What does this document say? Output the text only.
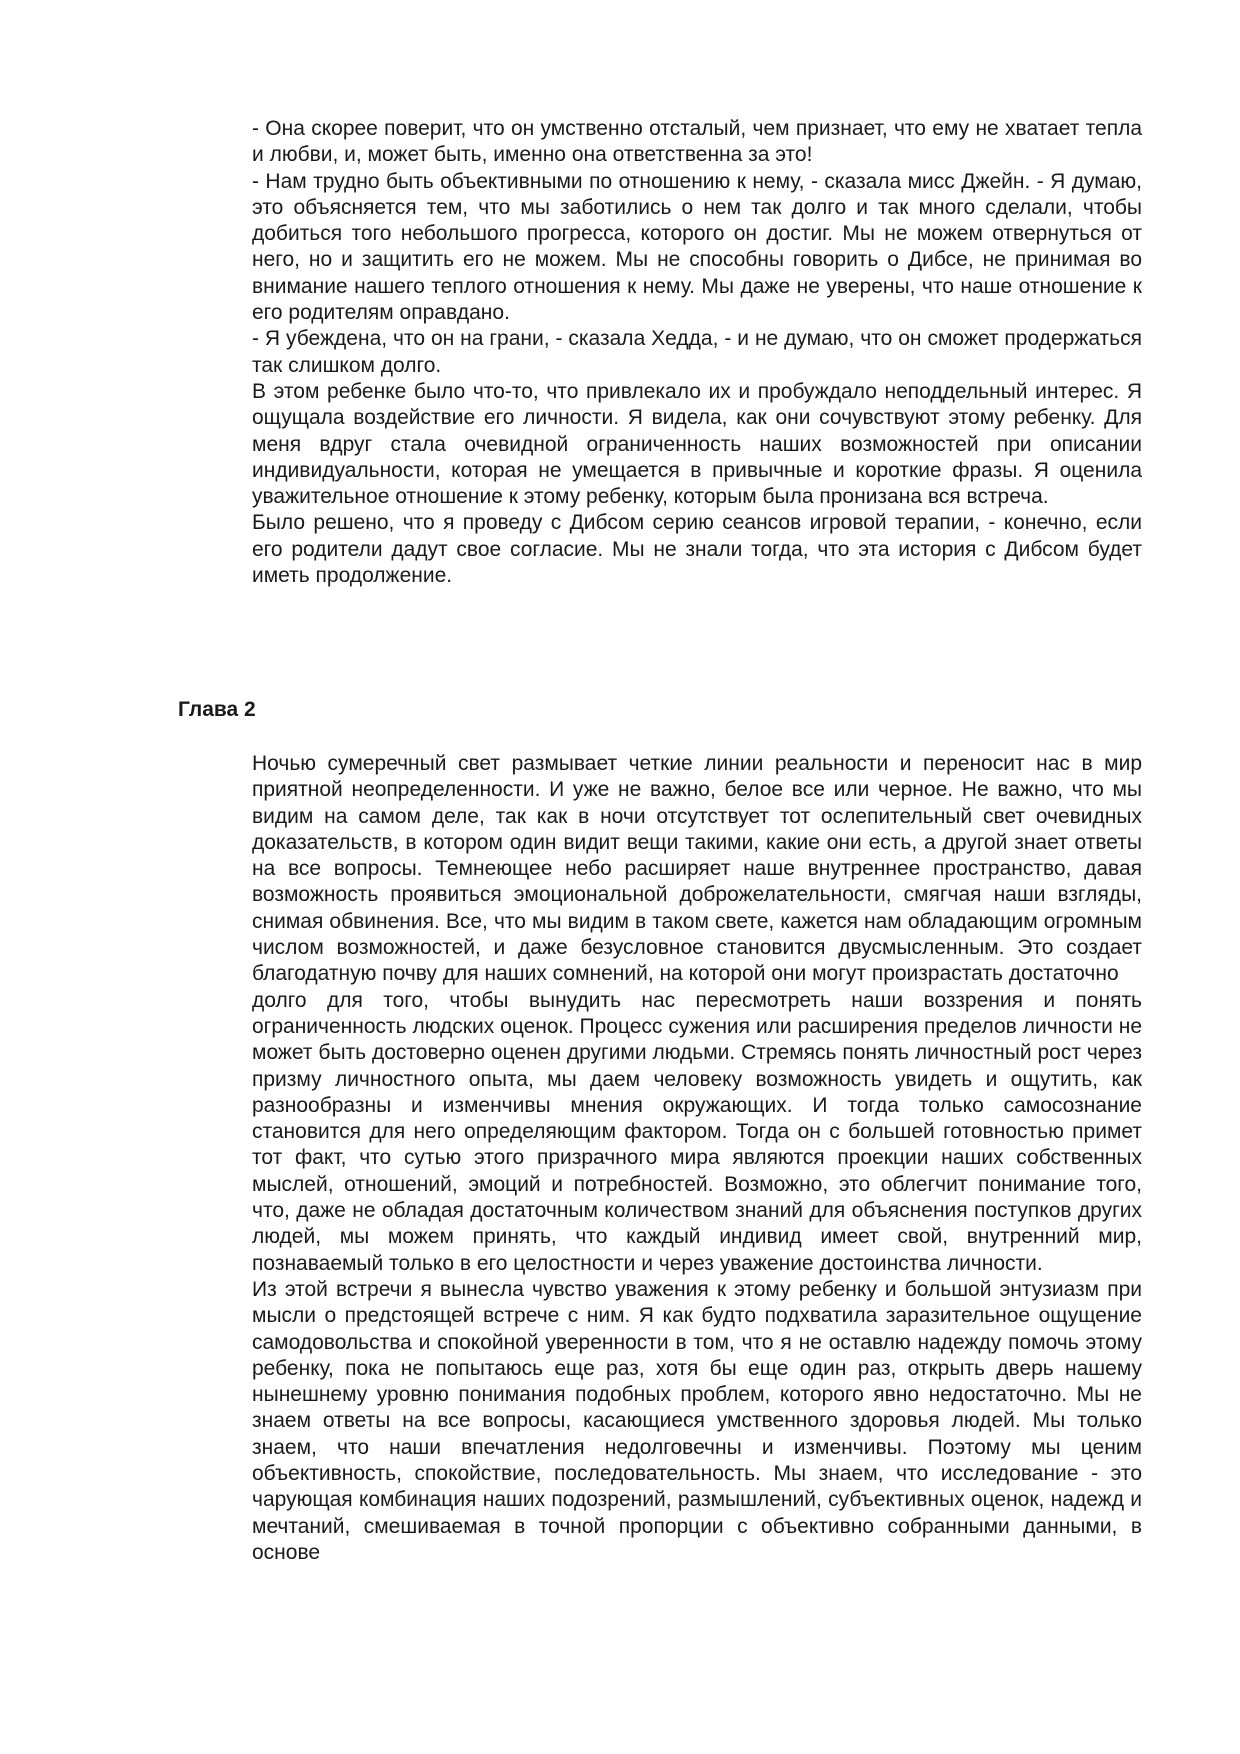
- Она скорее поверит, что он умственно отсталый, чем признает, что ему не хватает тепла и любви, и, может быть, именно она ответственна за это!

- Нам трудно быть объективными по отношению к нему, - сказала мисс Джейн. - Я думаю, это объясняется тем, что мы заботились о нем так долго и так много сделали, чтобы добиться того небольшого прогресса, которого он достиг. Мы не можем отвернуться от него, но и защитить его не можем. Мы не способны говорить о Дибсе, не принимая во внимание нашего теплого отношения к нему. Мы даже не уверены, что наше отношение к его родителям оправдано.

- Я убеждена, что он на грани, - сказала Хедда, - и не думаю, что он сможет продержаться так слишком долго.

В этом ребенке было что-то, что привлекало их и пробуждало неподдельный интерес. Я ощущала воздействие его личности. Я видела, как они сочувствуют этому ребенку. Для меня вдруг стала очевидной ограниченность наших возможностей при описании индивидуальности, которая не умещается в привычные и короткие фразы. Я оценила уважительное отношение к этому ребенку, которым была пронизана вся встреча.

Было решено, что я проведу с Дибсом серию сеансов игровой терапии, - конечно, если его родители дадут свое согласие. Мы не знали тогда, что эта история с Дибсом будет иметь продолжение.

Глава 2

Ночью сумеречный свет размывает четкие линии реальности и переносит нас в мир приятной неопределенности. И уже не важно, белое все или черное. Не важно, что мы видим на самом деле, так как в ночи отсутствует тот ослепительный свет очевидных доказательств, в котором один видит вещи такими, какие они есть, а другой знает ответы на все вопросы. Темнеющее небо расширяет наше внутреннее пространство, давая возможность проявиться эмоциональной доброжелательности, смягчая наши взгляды, снимая обвинения. Все, что мы видим в таком свете, кажется нам обладающим огромным числом возможностей, и даже безусловное становится двусмысленным. Это создает благодатную почву для наших сомнений, на которой они могут произрастать достаточно

долго для того, чтобы вынудить нас пересмотреть наши воззрения и понять ограниченность людских оценок. Процесс сужения или расширения пределов личности не может быть достоверно оценен другими людьми. Стремясь понять личностный рост через призму личностного опыта, мы даем человеку возможность увидеть и ощутить, как разнообразны и изменчивы мнения окружающих. И тогда только самосознание становится для него определяющим фактором. Тогда он с большей готовностью примет тот факт, что сутью этого призрачного мира являются проекции наших собственных мыслей, отношений, эмоций и потребностей. Возможно, это облегчит понимание того, что, даже не обладая достаточным количеством знаний для объяснения поступков других людей, мы можем принять, что каждый индивид имеет свой, внутренний мир, познаваемый только в его целостности и через уважение достоинства личности.

Из этой встречи я вынесла чувство уважения к этому ребенку и большой энтузиазм при мысли о предстоящей встрече с ним. Я как будто подхватила заразительное ощущение самодовольства и спокойной уверенности в том, что я не оставлю надежду помочь этому ребенку, пока не попытаюсь еще раз, хотя бы еще один раз, открыть дверь нашему нынешнему уровню понимания подобных проблем, которого явно недостаточно. Мы не знаем ответы на все вопросы, касающиеся умственного здоровья людей. Мы только знаем, что наши впечатления недолговечны и изменчивы. Поэтому мы ценим объективность, спокойствие, последовательность. Мы знаем, что исследование - это чарующая комбинация наших подозрений, размышлений, субъективных оценок, надежд и мечтаний, смешиваемая в точной пропорции с объективно собранными данными, в основе
